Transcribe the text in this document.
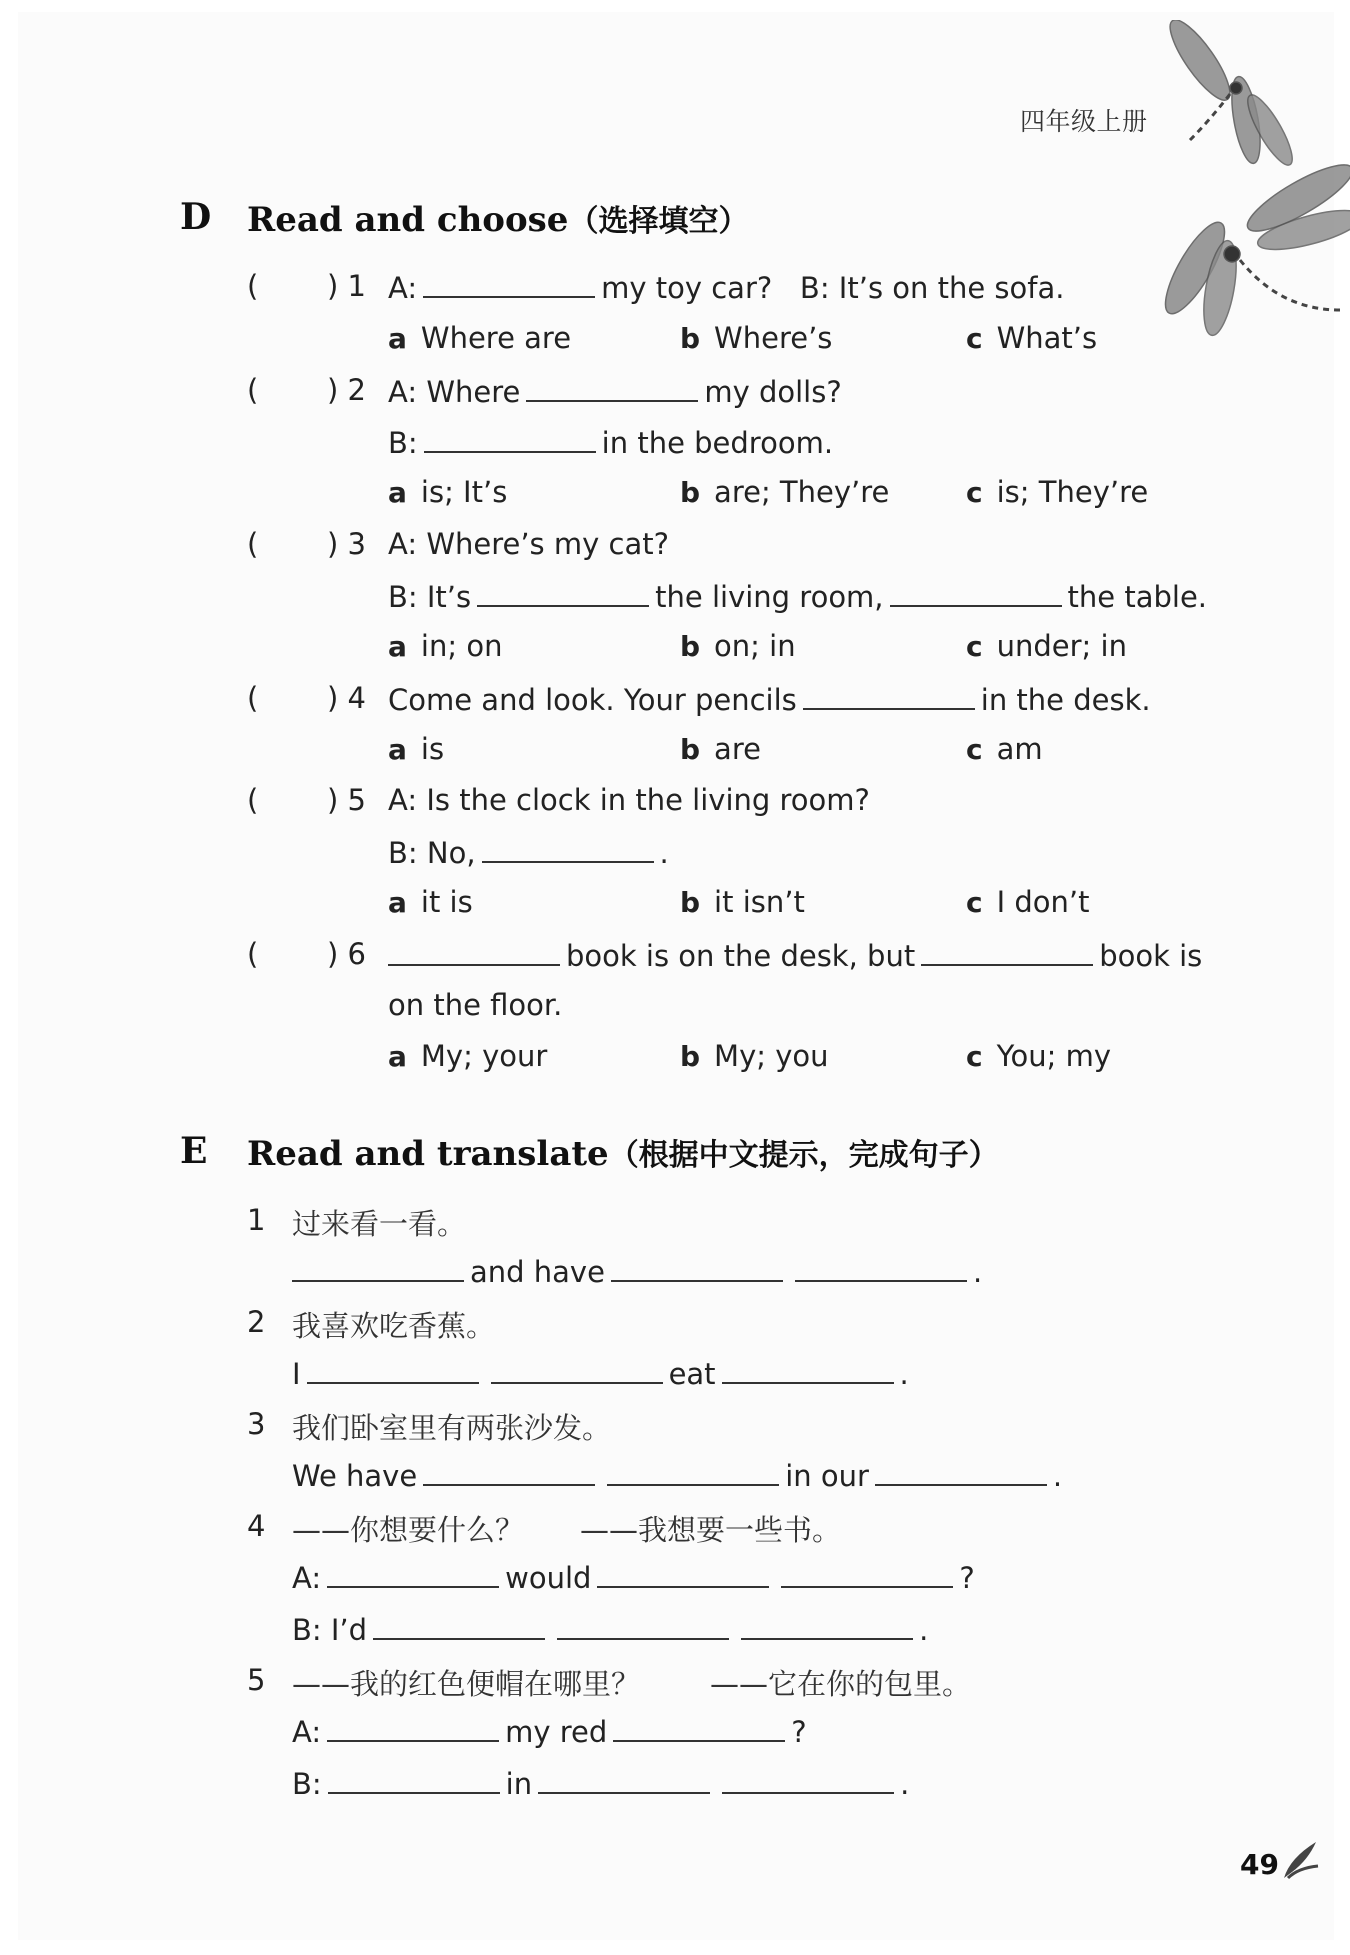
四年级上册
D Read and choose（选择填空）
( ) 1 A:	my toy car? B: It’s on the sofa.
a Where are	b Where’s	c What’s
( ) 2 A: Where	my dolls?
B:	in the bedroom.
a is; It’s	b are; They’re	c is; They’re
( ) 3 A: Where’s my cat?
B: It’s	the living room,	the table.
a in; on	b on; in	c under; in
( ) 4 Come and look. Your pencils	in the desk.
a is	b are	c am
( ) 5 A: Is the clock in the living room?
B: No,	.
a it is	b it isn’t	c I don’t
( ) 6	book is on the desk, but	book is
on the floor.
a My; your	b My; you	c You; my
E Read and translate（根据中文提示，完成句子）
1 过来看一看。
and have	.
2 我喜欢吃香蕉。
I	eat	.
3 我们卧室里有两张沙发。
We have	in our	.
4 ——你想要什么？ ——我想要一些书。
A:	would	?
B: I’d	.
5 ——我的红色便帽在哪里？ ——它在你的包里。
A:	my red	?
B:	in	.
49
